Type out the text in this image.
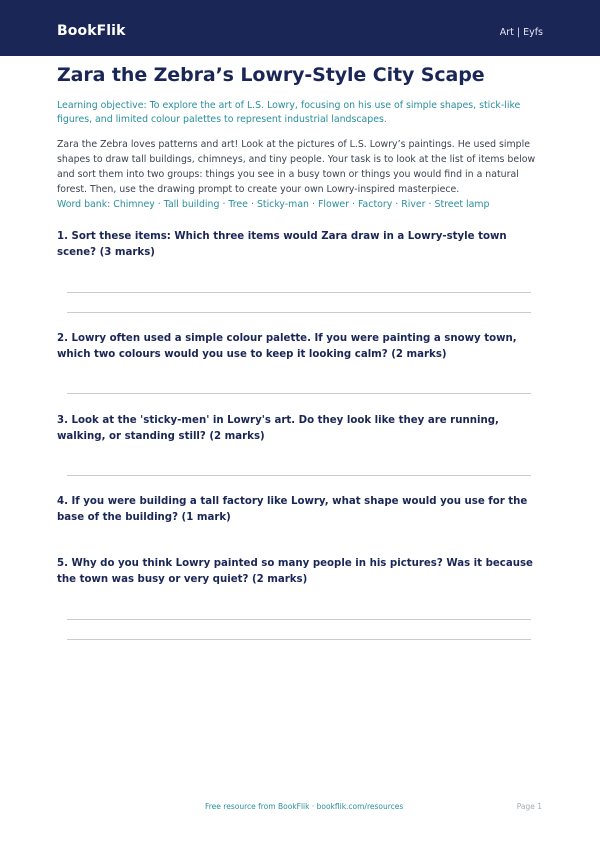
BookFlik	Art | Eyfs
Zara the Zebra’s Lowry-Style City Scape
Learning objective: To explore the art of L.S. Lowry, focusing on his use of simple shapes, stick-like figures, and limited colour palettes to represent industrial landscapes.
Zara the Zebra loves patterns and art! Look at the pictures of L.S. Lowry’s paintings. He used simple shapes to draw tall buildings, chimneys, and tiny people. Your task is to look at the list of items below and sort them into two groups: things you see in a busy town or things you would find in a natural forest. Then, use the drawing prompt to create your own Lowry-inspired masterpiece.
Word bank: Chimney · Tall building · Tree · Sticky-man · Flower · Factory · River · Street lamp
1. Sort these items: Which three items would Zara draw in a Lowry-style town scene? (3 marks)
2. Lowry often used a simple colour palette. If you were painting a snowy town, which two colours would you use to keep it looking calm? (2 marks)
3. Look at the 'sticky-men' in Lowry's art. Do they look like they are running, walking, or standing still? (2 marks)
4. If you were building a tall factory like Lowry, what shape would you use for the base of the building? (1 mark)
5. Why do you think Lowry painted so many people in his pictures? Was it because the town was busy or very quiet? (2 marks)
Free resource from BookFlik · bookflik.com/resources	Page 1
